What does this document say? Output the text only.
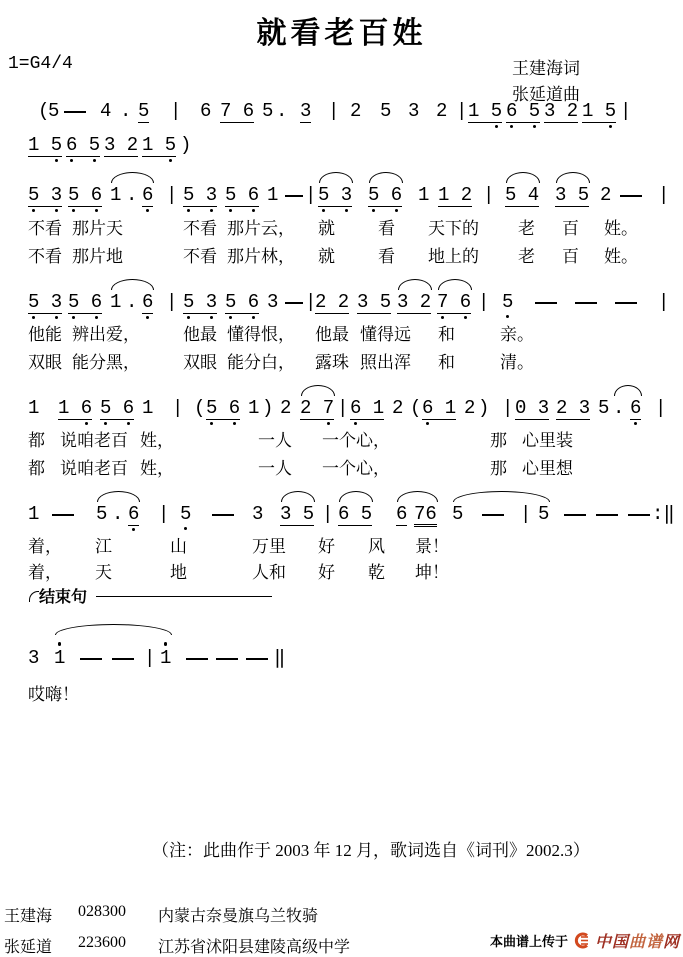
就看老百姓
1=G4/4	王建海词
张延道曲
(
5 4 . 5 | 6 7 6 5 . 3 | 2 5 3 2 | 1 5 6 5 3 2 1 5 |
1 5 6 5 3 2 1 5 )
5 3 5 6 1 . 6 | 5 3 5 6 1 | 5 3 5 6 1 1 2 | 5 4 3 5 2 |
不看 那片天	不看 那片云， 就	看 天下的 老 百 姓。
不看 那片地	不看 那片林， 就	看 地上的 老 百 姓。
5 3 5 6 1 . 6 | 5 3 5 6 3 |
2 2 3 5 3 2 7 6 | 5	|
他能 辨出爱，	他最 懂得恨， 他最 懂得远 和	亲。
双眼 能分黑，	双眼 能分白， 露珠 照出浑 和	清。
1 1 6 5 6 1 | ( 5 6 1 ) 2 2 7 | 6 1 2 ( 6 1 2 ) | 0 3 2 3 5 . 6 |
都 说咱老百 姓，	一人 一个心，	那 心里装
都 说咱老百 姓，	一人 一个心，	那 心里想
1	5 . 6 | 5	3 3 5 | 6 5 6 76 5	| 5	:‖
着， 江	山	万里 好 风 景！
着， 天	地	人和 好 乾 坤！
3 1	| 1	‖
哎嗨！
结束句
（注：此曲作于 2003 年 12 月，歌词选自《词刊》2002.3）
王建海 028300 内蒙古奈曼旗乌兰牧骑
张延道 223600 江苏省沭阳县建陵高级中学	本曲谱上传于 中国曲谱网
